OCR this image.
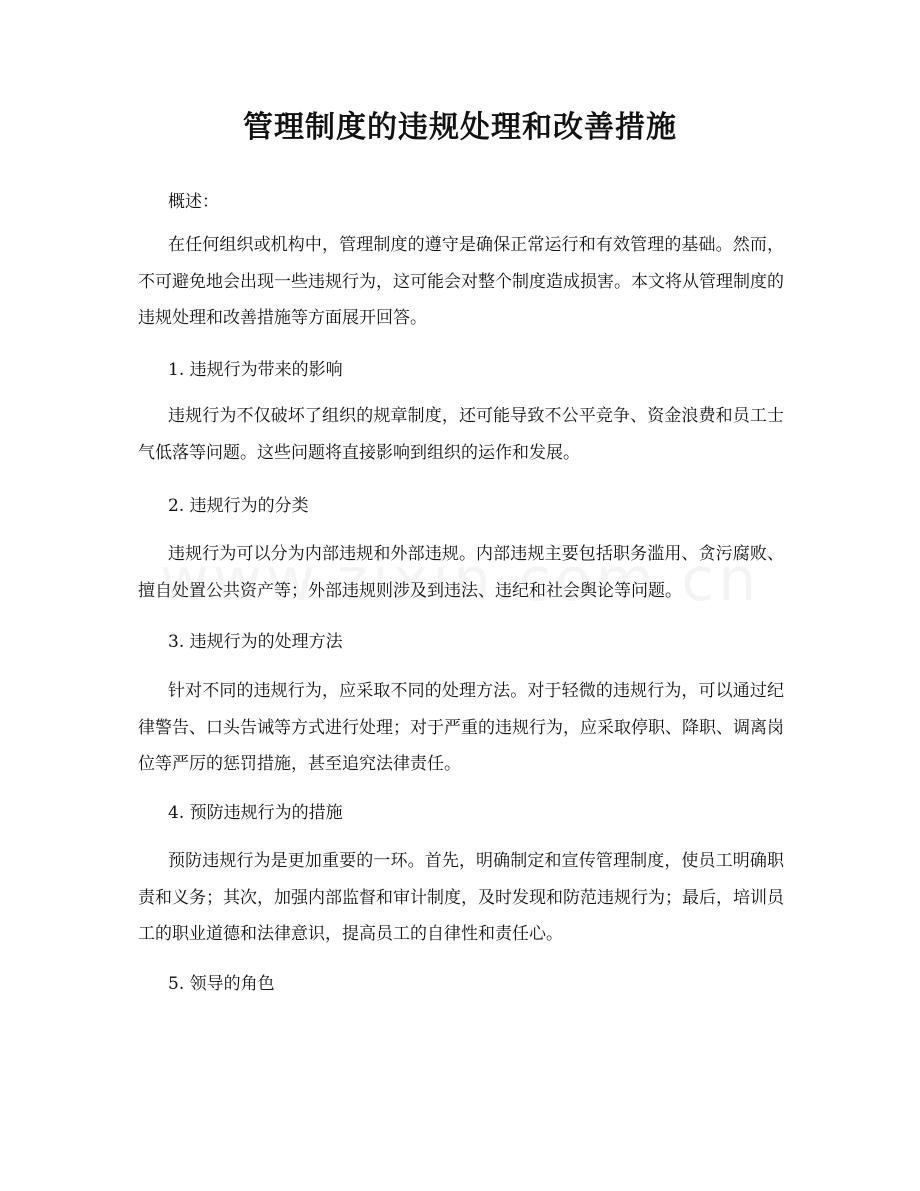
管理制度的违规处理和改善措施

概述：

在任何组织或机构中，管理制度的遵守是确保正常运行和有效管理的基础。然而，不可避免地会出现一些违规行为，这可能会对整个制度造成损害。本文将从管理制度的违规处理和改善措施等方面展开回答。

1. 违规行为带来的影响

违规行为不仅破坏了组织的规章制度，还可能导致不公平竞争、资金浪费和员工士气低落等问题。这些问题将直接影响到组织的运作和发展。

2. 违规行为的分类

违规行为可以分为内部违规和外部违规。内部违规主要包括职务滥用、贪污腐败、擅自处置公共资产等；外部违规则涉及到违法、违纪和社会舆论等问题。

3. 违规行为的处理方法

针对不同的违规行为，应采取不同的处理方法。对于轻微的违规行为，可以通过纪律警告、口头告诫等方式进行处理；对于严重的违规行为，应采取停职、降职、调离岗位等严厉的惩罚措施，甚至追究法律责任。

4. 预防违规行为的措施

预防违规行为是更加重要的一环。首先，明确制定和宣传管理制度，使员工明确职责和义务；其次，加强内部监督和审计制度，及时发现和防范违规行为；最后，培训员工的职业道德和法律意识，提高员工的自律性和责任心。

5. 领导的角色
